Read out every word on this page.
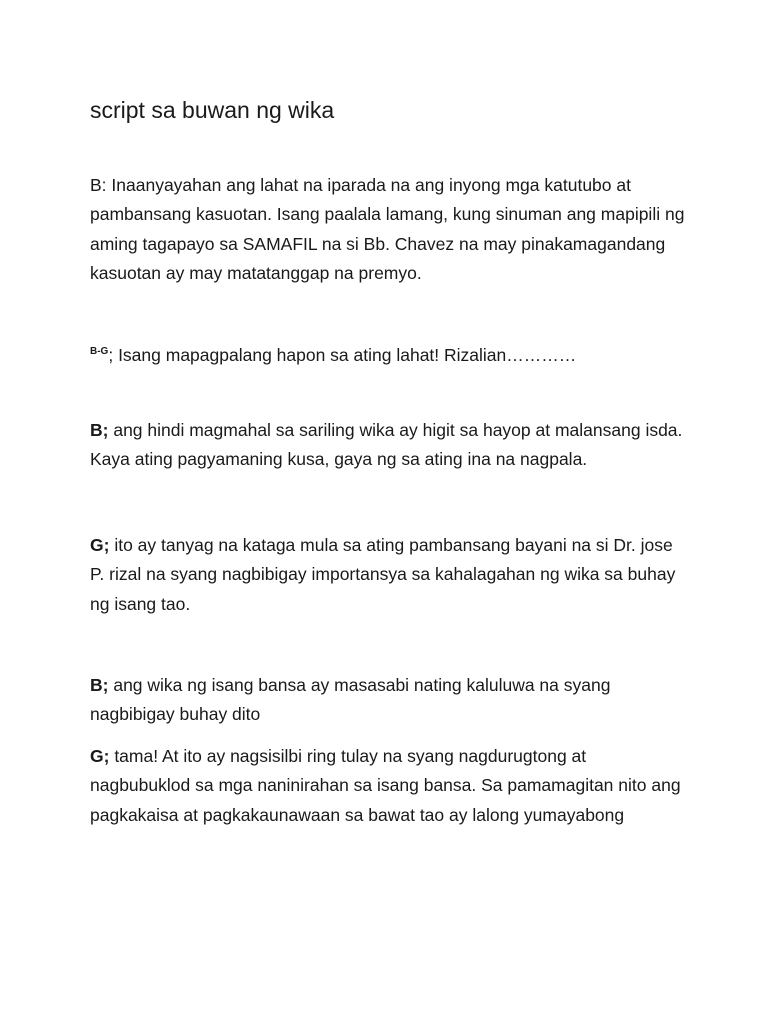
script sa buwan ng wika

B: Inaanyayahan ang lahat na iparada na ang inyong mga katutubo at pambansang kasuotan. Isang paalala lamang, kung sinuman ang mapipili ng aming tagapayo sa SAMAFIL na si Bb. Chavez na may pinakamagandang kasuotan ay may matatanggap na premyo.

$^{B-G}$; Isang mapagpalang hapon sa ating lahat! Rizalian…………

B; ang hindi magmahal sa sariling wika ay higit sa hayop at malansang isda. Kaya ating pagyamaning kusa, gaya ng sa ating ina na nagpala.

G; ito ay tanyag na kataga mula sa ating pambansang bayani na si Dr. jose P. rizal na syang nagbibigay importansya sa kahalagahan ng wika sa buhay ng isang tao.

B; ang wika ng isang bansa ay masasabi nating kaluluwa na syang nagbibigay buhay dito

G; tama! At ito ay nagsisilbi ring tulay na syang nagdurugtong at nagbubuklod sa mga naninirahan sa isang bansa. Sa pamamagitan nito ang pagkakaisa at pagkakaunawaan sa bawat tao ay lalong yumayabong
